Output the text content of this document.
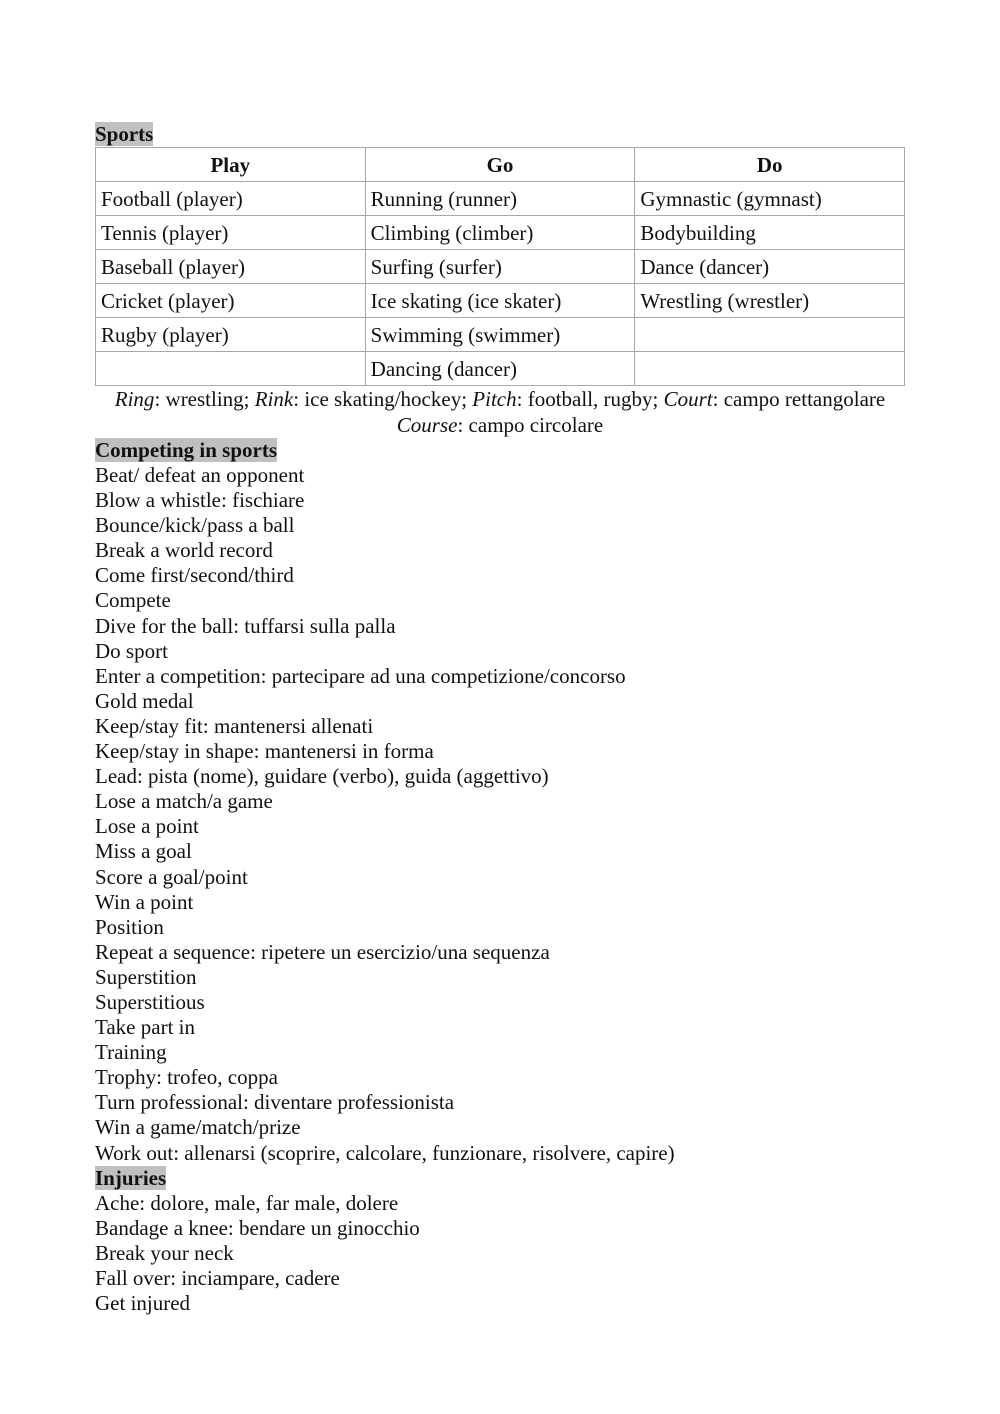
Sports
Play	Go	Do
Football (player)	Running (runner)	Gymnastic (gymnast)
Tennis (player)	Climbing (climber)	Bodybuilding
Baseball (player)	Surfing (surfer)	Dance (dancer)
Cricket (player)	Ice skating (ice skater)	Wrestling (wrestler)
Rugby (player)	Swimming (swimmer)	
	Dancing (dancer)	

Ring: wrestling; Rink: ice skating/hockey; Pitch: football, rugby; Court: campo rettangolare
Course: campo circolare

Competing in sports
Beat/ defeat an opponent
Blow a whistle: fischiare
Bounce/kick/pass a ball
Break a world record
Come first/second/third
Compete
Dive for the ball: tuffarsi sulla palla
Do sport
Enter a competition: partecipare ad una competizione/concorso
Gold medal
Keep/stay fit: mantenersi allenati
Keep/stay in shape: mantenersi in forma
Lead: pista (nome), guidare (verbo), guida (aggettivo)
Lose a match/a game
Lose a point
Miss a goal
Score a goal/point
Win a point
Position
Repeat a sequence: ripetere un esercizio/una sequenza
Superstition
Superstitious
Take part in
Training
Trophy: trofeo, coppa
Turn professional: diventare professionista
Win a game/match/prize
Work out: allenarsi (scoprire, calcolare, funzionare, risolvere, capire)
Injuries
Ache: dolore, male, far male, dolere
Bandage a knee: bendare un ginocchio
Break your neck
Fall over: inciampare, cadere
Get injured
